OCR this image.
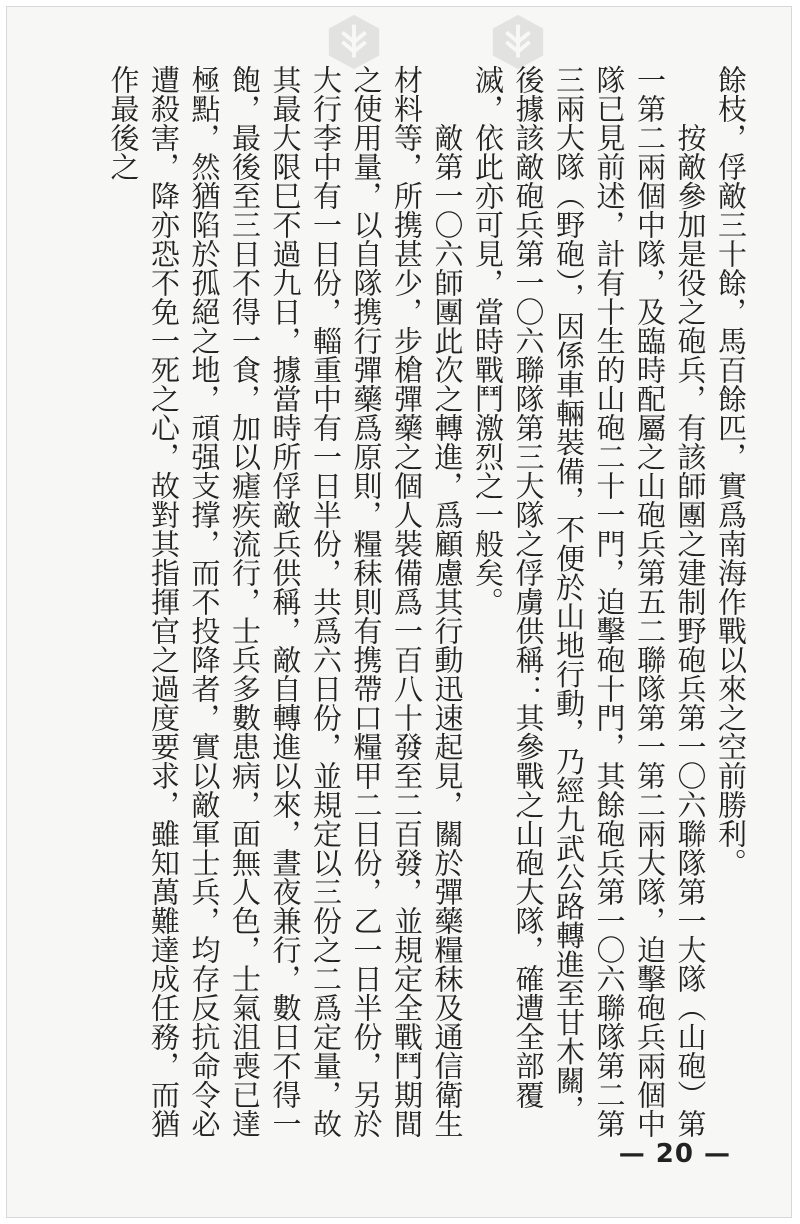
餘枝，俘敵三十餘，馬百餘匹，實爲南海作戰以來之空前勝利。

按敵參加是役之砲兵，有該師團之建制野砲兵第一〇六聯隊第一大隊（山砲）第一第二兩個中隊，及臨時配屬之山砲兵第五二聯隊第一第二兩大隊，迫擊砲兵兩個中隊已見前述，計有十生的山砲二十一門，迫擊砲十門，其餘砲兵第一〇六聯隊第二第三兩大隊（野砲），因係車輛裝備，不便於山地行動，乃經九武公路轉進至甘木關，後據該敵砲兵第一〇六聯隊第三大隊之俘虜供稱：其參戰之山砲大隊，確遭全部覆滅，依此亦可見，當時戰鬥激烈之一般矣。

敵第一〇六師團此次之轉進，爲顧慮其行動迅速起見，關於彈藥糧秣及通信衛生材料等，所携甚少，步槍彈藥之個人裝備爲一百八十發至二百發，並規定全戰鬥期間之使用量，以自隊携行彈藥爲原則，糧秣則有携帶口糧甲二日份，乙一日半份，另於大行李中有一日份，輜重中有一日半份，共爲六日份，並規定以三份之二爲定量，故其最大限巳不過九日，據當時所俘敵兵供稱，敵自轉進以來，晝夜兼行，數日不得一飽，最後至三日不得一食，加以瘧疾流行，士兵多數患病，面無人色，士氣沮喪已達極點，然猶陷於孤絕之地，頑强支撑，而不投降者，實以敵軍士兵，均存反抗命令必遭殺害，降亦恐不免一死之心，故對其指揮官之過度要求，雖知萬難達成任務，而猶作最後之

— 20 —
